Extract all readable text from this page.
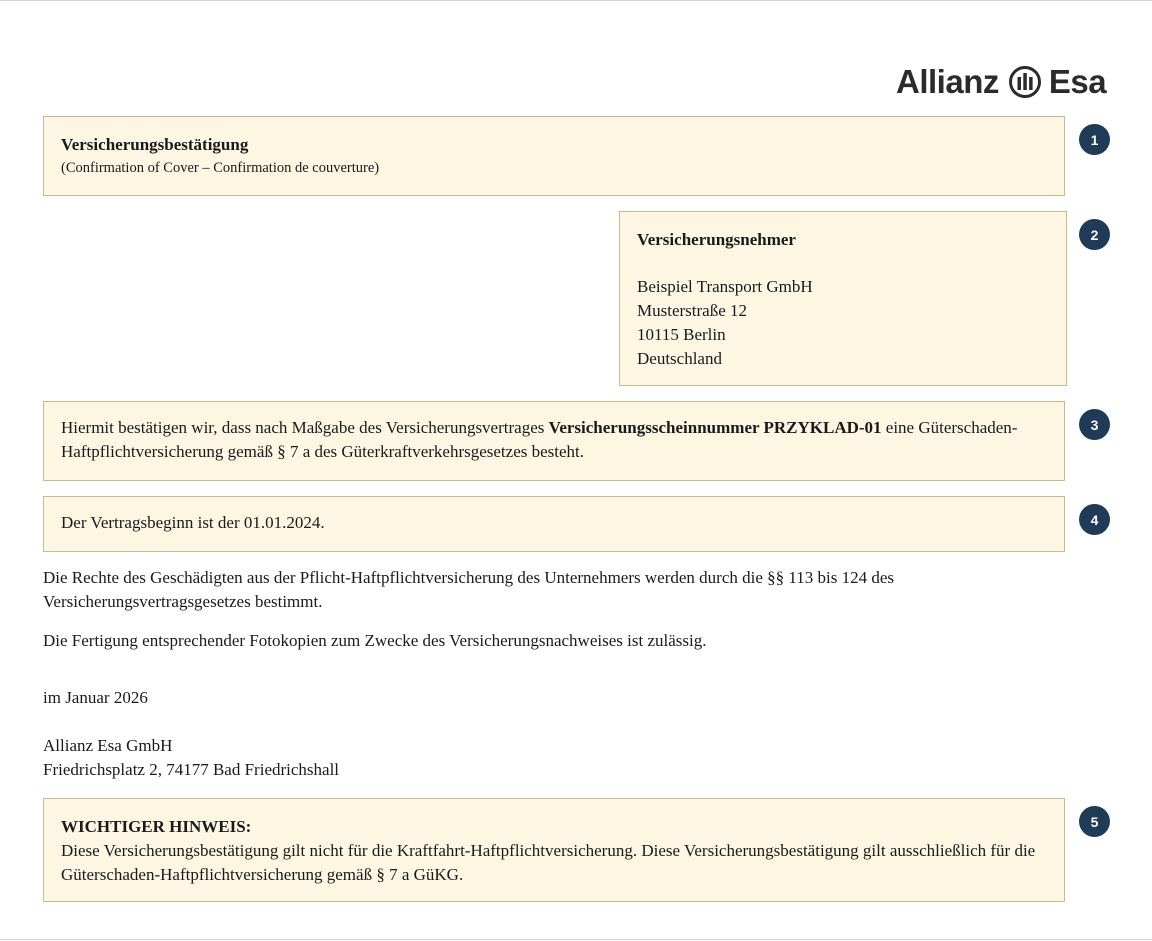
Allianz Esa
Versicherungsbestätigung
(Confirmation of Cover – Confirmation de couverture)
1
Versicherungsnehmer
Beispiel Transport GmbH
Musterstraße 12
10115 Berlin
Deutschland
2
Hiermit bestätigen wir, dass nach Maßgabe des Versicherungsvertrages Versicherungsscheinnummer PRZYKLAD-01 eine Güterschaden-Haftpflichtversicherung gemäß § 7 a des Güterkraftverkehrsgesetzes besteht.
3
Der Vertragsbeginn ist der 01.01.2024.	4
Die Rechte des Geschädigten aus der Pflicht-Haftpflichtversicherung des Unternehmers werden durch die §§ 113 bis 124 des Versicherungsvertragsgesetzes bestimmt.
Die Fertigung entsprechender Fotokopien zum Zwecke des Versicherungsnachweises ist zulässig.
im Januar 2026
Allianz Esa GmbH
Friedrichsplatz 2, 74177 Bad Friedrichshall
WICHTIGER HINWEIS:
Diese Versicherungsbestätigung gilt nicht für die Kraftfahrt-Haftpflichtversicherung. Diese Versicherungsbestätigung gilt ausschließlich für die Güterschaden-Haftpflichtversicherung gemäß § 7 a GüKG.
5
